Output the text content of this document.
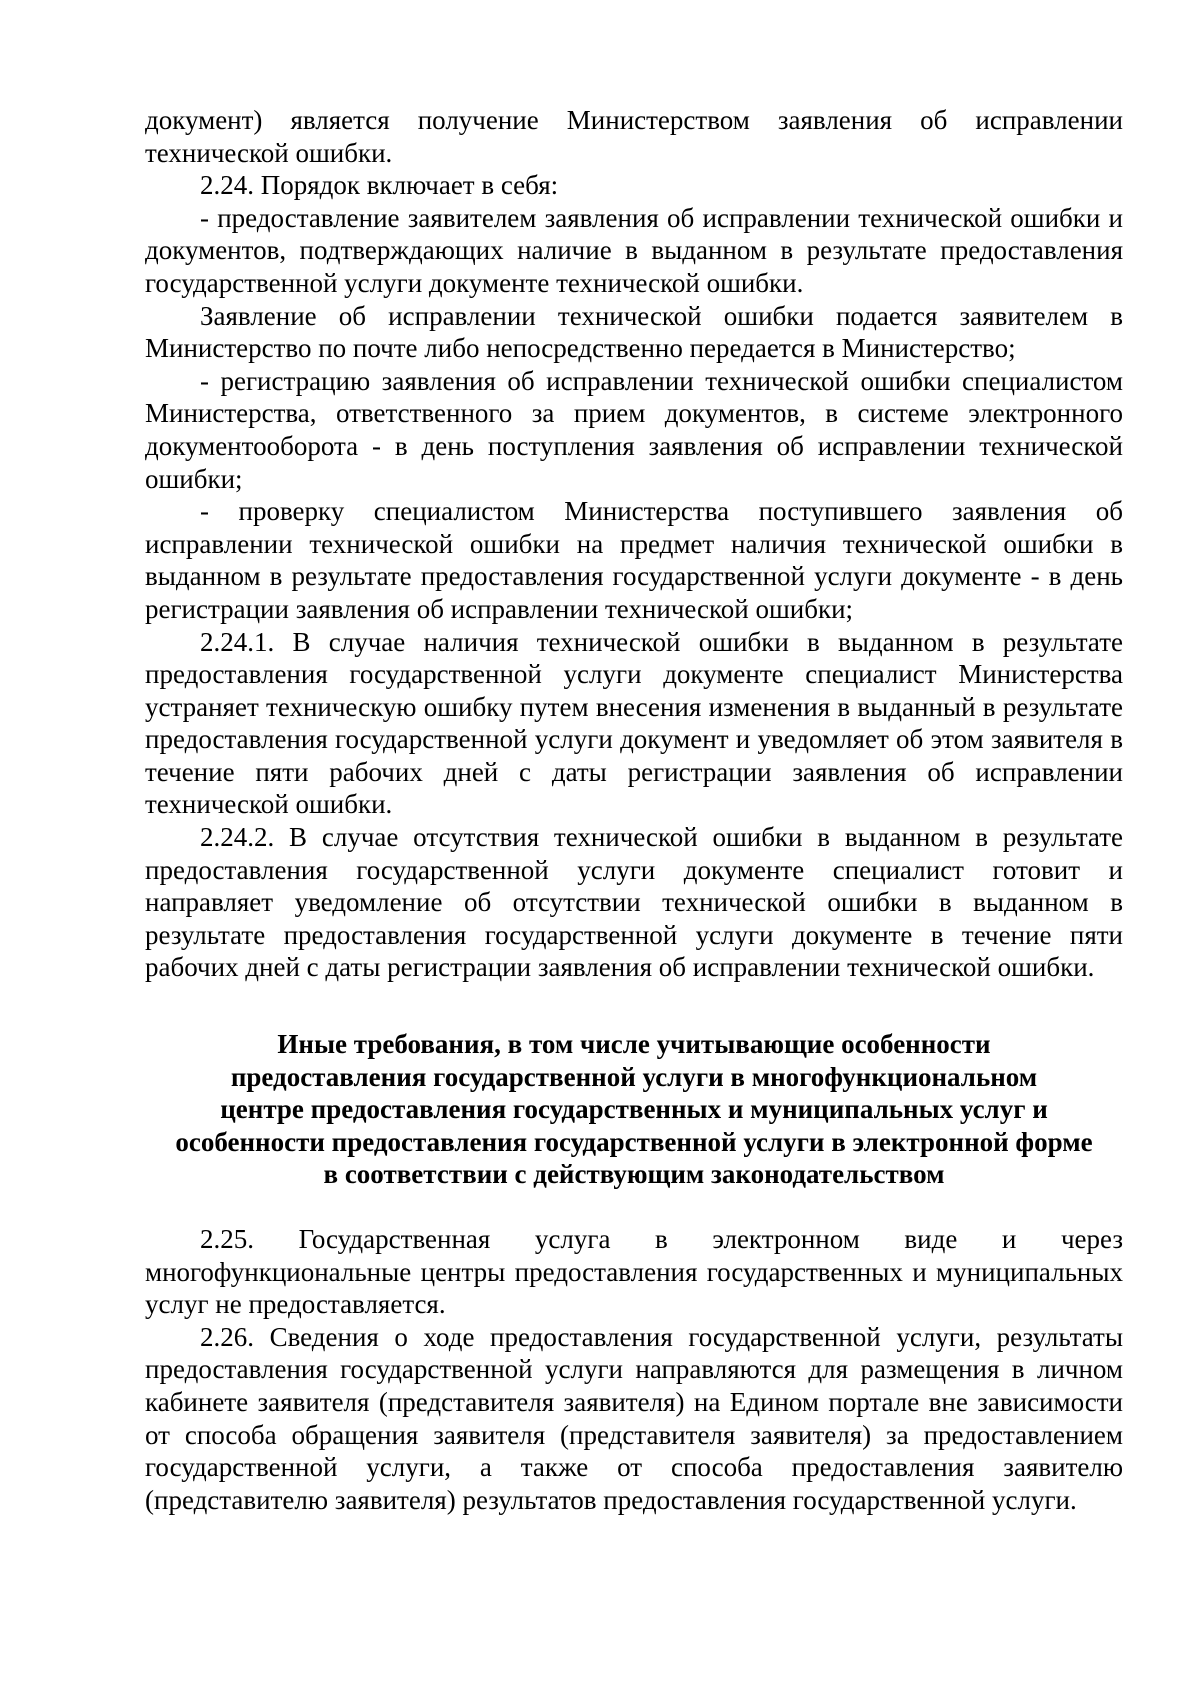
документ) является получение Министерством заявления об исправлении технической ошибки.

2.24. Порядок включает в себя:

- предоставление заявителем заявления об исправлении технической ошибки и документов, подтверждающих наличие в выданном в результате предоставления государственной услуги документе технической ошибки.

Заявление об исправлении технической ошибки подается заявителем в Министерство по почте либо непосредственно передается в Министерство;

- регистрацию заявления об исправлении технической ошибки специалистом Министерства, ответственного за прием документов, в системе электронного документооборота - в день поступления заявления об исправлении технической ошибки;

- проверку специалистом Министерства поступившего заявления об исправлении технической ошибки на предмет наличия технической ошибки в выданном в результате предоставления государственной услуги документе - в день регистрации заявления об исправлении технической ошибки;

2.24.1. В случае наличия технической ошибки в выданном в результате предоставления государственной услуги документе специалист Министерства устраняет техническую ошибку путем внесения изменения в выданный в результате предоставления государственной услуги документ и уведомляет об этом заявителя в течение пяти рабочих дней с даты регистрации заявления об исправлении технической ошибки.

2.24.2. В случае отсутствия технической ошибки в выданном в результате предоставления государственной услуги документе специалист готовит и направляет уведомление об отсутствии технической ошибки в выданном в результате предоставления государственной услуги документе в течение пяти рабочих дней с даты регистрации заявления об исправлении технической ошибки.

Иные требования, в том числе учитывающие особенности
предоставления государственной услуги в многофункциональном
центре предоставления государственных и муниципальных услуг и
особенности предоставления государственной услуги в электронной форме
в соответствии с действующим законодательством

2.25. Государственная услуга в электронном виде и через многофункциональные центры предоставления государственных и муниципальных услуг не предоставляется.

2.26. Сведения о ходе предоставления государственной услуги, результаты предоставления государственной услуги направляются для размещения в личном кабинете заявителя (представителя заявителя) на Едином портале вне зависимости от способа обращения заявителя (представителя заявителя) за предоставлением государственной услуги, а также от способа предоставления заявителю (представителю заявителя) результатов предоставления государственной услуги.
